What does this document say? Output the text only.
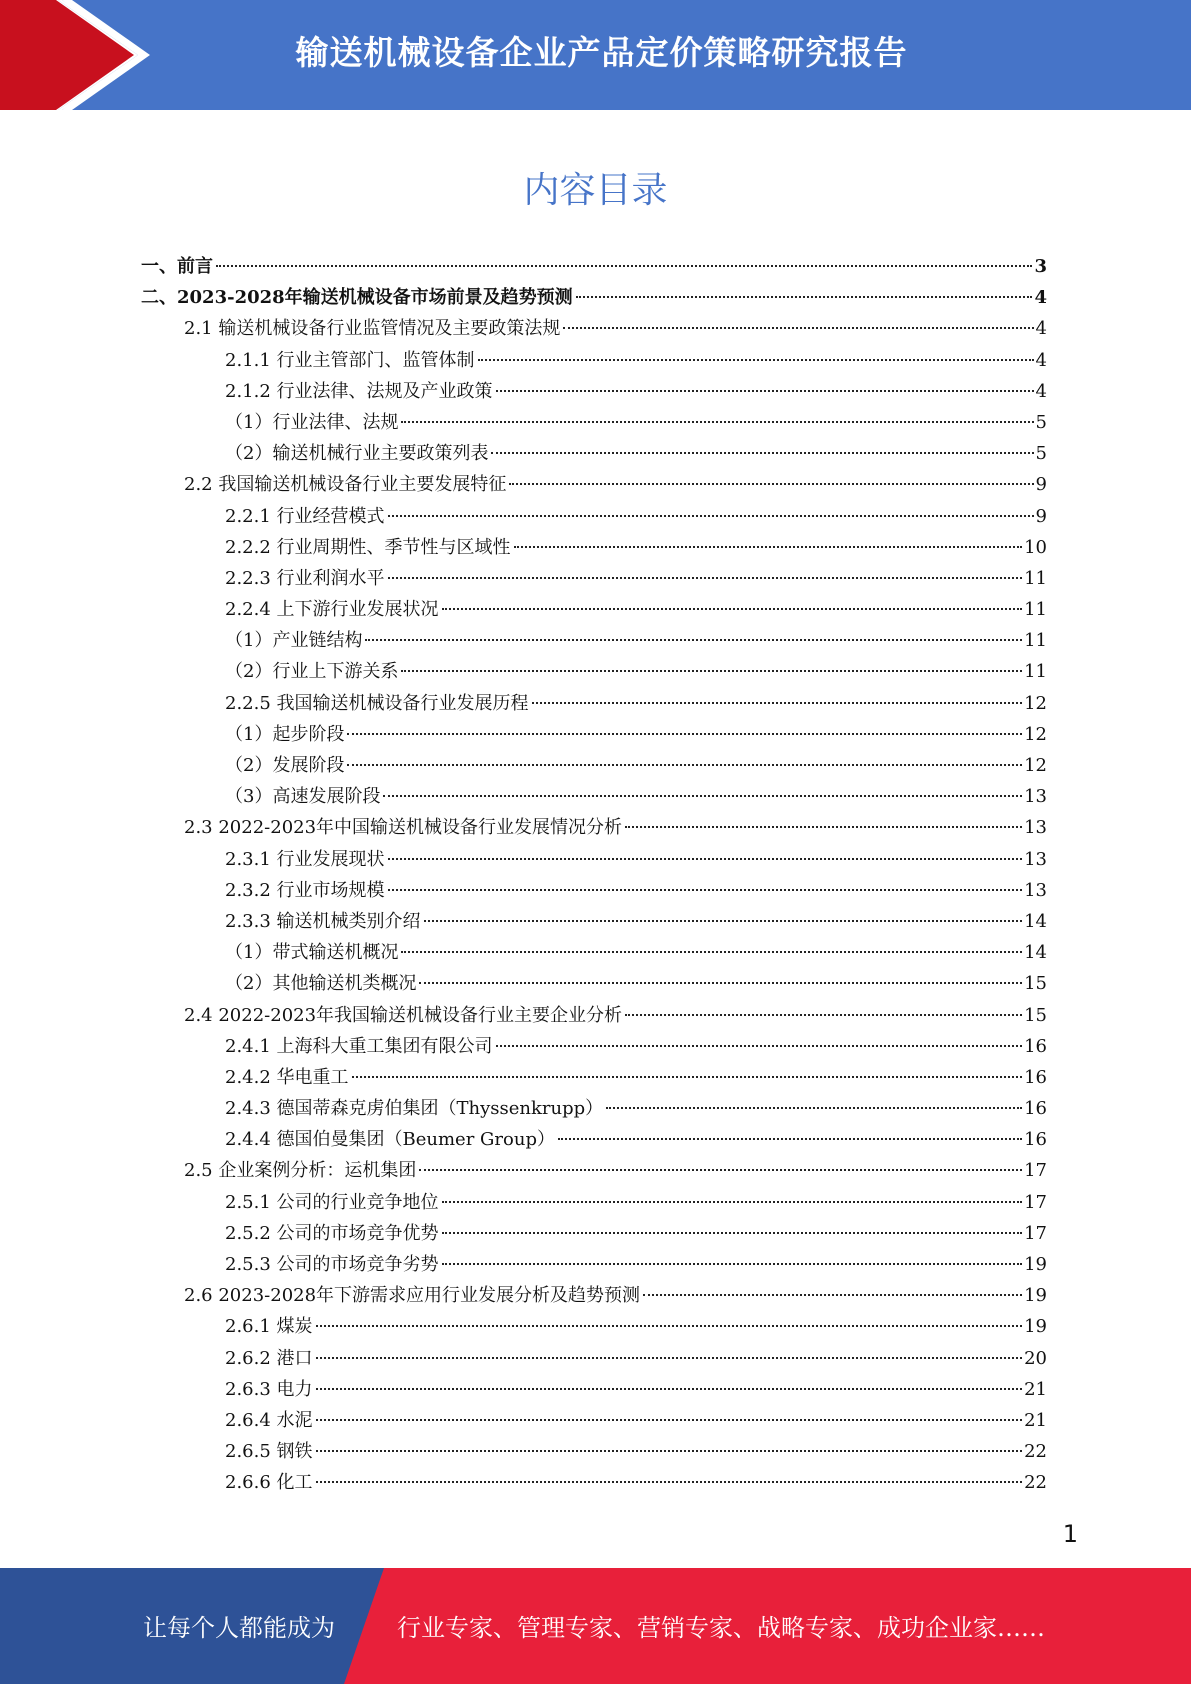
输送机械设备企业产品定价策略研究报告
内容目录
一、前言	3
二、2023-2028年输送机械设备市场前景及趋势预测	4
2.1 输送机械设备行业监管情况及主要政策法规	4
2.1.1 行业主管部门、监管体制	4
2.1.2 行业法律、法规及产业政策	4
（1）行业法律、法规	5
（2）输送机械行业主要政策列表	5
2.2 我国输送机械设备行业主要发展特征	9
2.2.1 行业经营模式	9
2.2.2 行业周期性、季节性与区域性	10
2.2.3 行业利润水平	11
2.2.4 上下游行业发展状况	11
（1）产业链结构	11
（2）行业上下游关系	11
2.2.5 我国输送机械设备行业发展历程	12
（1）起步阶段	12
（2）发展阶段	12
（3）高速发展阶段	13
2.3 2022-2023年中国输送机械设备行业发展情况分析	13
2.3.1 行业发展现状	13
2.3.2 行业市场规模	13
2.3.3 输送机械类别介绍	14
（1）带式输送机概况	14
（2）其他输送机类概况	15
2.4 2022-2023年我国输送机械设备行业主要企业分析	15
2.4.1 上海科大重工集团有限公司	16
2.4.2 华电重工	16
2.4.3 德国蒂森克虏伯集团（Thyssenkrupp）	16
2.4.4 德国伯曼集团（Beumer Group）	16
2.5 企业案例分析：运机集团	17
2.5.1 公司的行业竞争地位	17
2.5.2 公司的市场竞争优势	17
2.5.3 公司的市场竞争劣势	19
2.6 2023-2028年下游需求应用行业发展分析及趋势预测	19
2.6.1 煤炭	19
2.6.2 港口	20
2.6.3 电力	21
2.6.4 水泥	21
2.6.5 钢铁	22
2.6.6 化工	22
1
让每个人都能成为	行业专家、管理专家、营销专家、战略专家、成功企业家……
